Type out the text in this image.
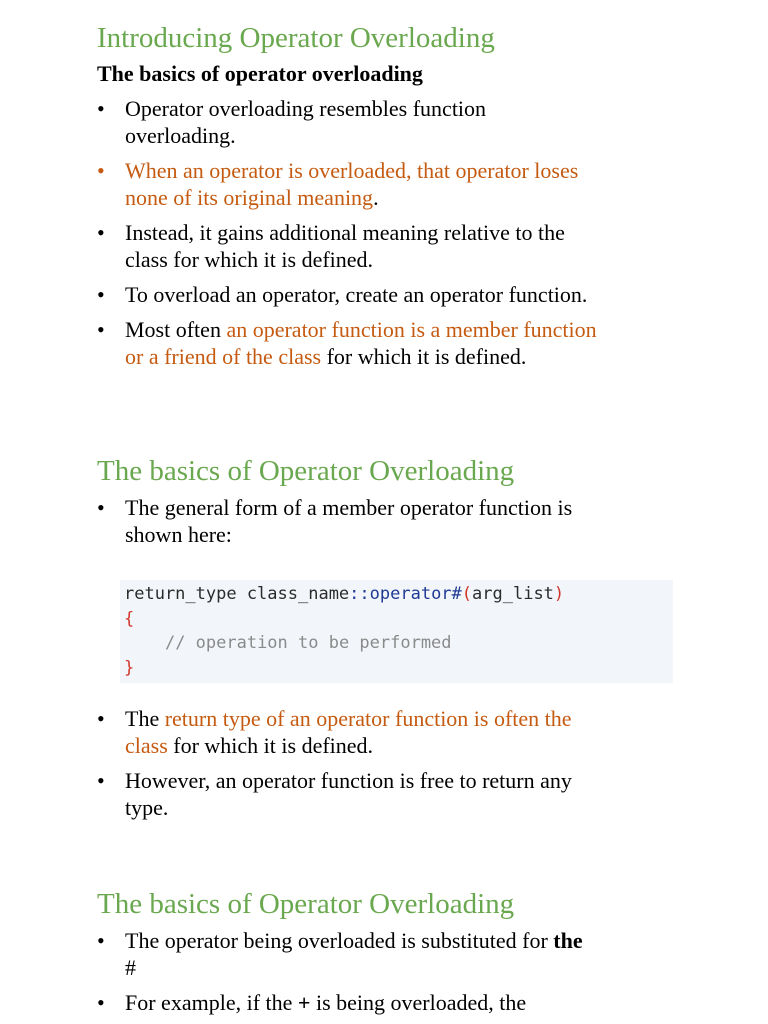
Introducing Operator Overloading

The basics of operator overloading

• Operator overloading resembles function
overloading.
• When an operator is overloaded, that operator loses
none of its original meaning.
• Instead, it gains additional meaning relative to the
class for which it is defined.
• To overload an operator, create an operator function.
• Most often an operator function is a member function
or a friend of the class for which it is defined.
The basics of Operator Overloading
• The general form of a member operator function is
shown here:
return_type class_name::operator#(arg_list)
{
// operation to be performed
}
• The return type of an operator function is often the
class for which it is defined.
• However, an operator function is free to return any
type.
The basics of Operator Overloading
• The operator being overloaded is substituted for the
#
• For example, if the + is being overloaded, the
